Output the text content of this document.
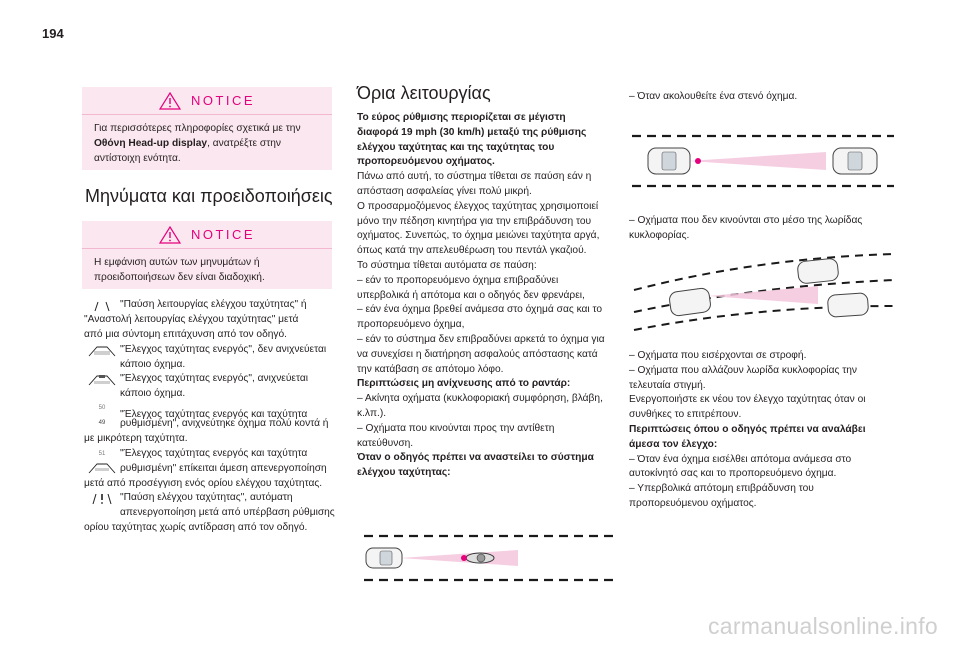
194
NOTICE
Για περισσότερες πληροφορίες σχετικά με την
Οθόνη Head-up display, ανατρέξτε στην
αντίστοιχη ενότητα.
Μηνύματα και προειδοποιήσεις
NOTICE
Η εμφάνιση αυτών των μηνυμάτων ή
προειδοποιήσεων δεν είναι διαδοχική.
"Παύση λειτουργίας ελέγχου ταχύτητας" ή

"Αναστολή λειτουργίας ελέγχου ταχύτητας" μετά

από μια σύντομη επιτάχυνση από τον οδηγό.

"Έλεγχος ταχύτητας ενεργός", δεν ανιχνεύεται

κάποιο όχημα.

"Έλεγχος ταχύτητας ενεργός", ανιχνεύεται

κάποιο όχημα.

50
49
"Έλεγχος ταχύτητας ενεργός και ταχύτητα

ρυθμισμένη", ανιχνεύτηκε όχημα πολύ κοντά ή

με μικρότερη ταχύτητα.

51 "Έλεγχος ταχύτητας ενεργός και ταχύτητα

ρυθμισμένη" επίκειται άμεση απενεργοποίηση

μετά από προσέγγιση ενός ορίου ελέγχου ταχύτητας.

"Παύση ελέγχου ταχύτητας", αυτόματη

απενεργοποίηση μετά από υπέρβαση ρύθμισης

ορίου ταχύτητας χωρίς αντίδραση από τον οδηγό.

Όρια λειτουργίας

Το εύρος ρύθμισης περιορίζεται σε μέγιστη

διαφορά 19 mph (30 km/h) μεταξύ της ρύθμισης

ελέγχου ταχύτητας και της ταχύτητας του

προπορευόμενου οχήματος.

Πάνω από αυτή, το σύστημα τίθεται σε παύση εάν η

απόσταση ασφαλείας γίνει πολύ μικρή.

Ο προσαρμοζόμενος έλεγχος ταχύτητας χρησιμοποιεί

μόνο την πέδηση κινητήρα για την επιβράδυνση του

οχήματος. Συνεπώς, το όχημα μειώνει ταχύτητα αργά,

όπως κατά την απελευθέρωση του πεντάλ γκαζιού.

Το σύστημα τίθεται αυτόματα σε παύση:

– εάν το προπορευόμενο όχημα επιβραδύνει

υπερβολικά ή απότομα και ο οδηγός δεν φρενάρει,

– εάν ένα όχημα βρεθεί ανάμεσα στο όχημά σας και το

προπορευόμενο όχημα,

– εάν το σύστημα δεν επιβραδύνει αρκετά το όχημα για

να συνεχίσει η διατήρηση ασφαλούς απόστασης κατά

την κατάβαση σε απότομο λόφο.

Περιπτώσεις μη ανίχνευσης από το ραντάρ:

– Ακίνητα οχήματα (κυκλοφοριακή συμφόρηση, βλάβη,

κ.λπ.).

– Οχήματα που κινούνται προς την αντίθετη

κατεύθυνση.

Όταν ο οδηγός πρέπει να αναστείλει το σύστημα

ελέγχου ταχύτητας:

– Όταν ακολουθείτε ένα στενό όχημα.

– Οχήματα που δεν κινούνται στο μέσο της λωρίδας

κυκλοφορίας.

– Οχήματα που εισέρχονται σε στροφή.

– Οχήματα που αλλάζουν λωρίδα κυκλοφορίας την

τελευταία στιγμή.

Ενεργοποιήστε εκ νέου τον έλεγχο ταχύτητας όταν οι

συνθήκες το επιτρέπουν.

Περιπτώσεις όπου ο οδηγός πρέπει να αναλάβει

άμεσα τον έλεγχο:

– Όταν ένα όχημα εισέλθει απότομα ανάμεσα στο

αυτοκίνητό σας και το προπορευόμενο όχημα.

– Υπερβολικά απότομη επιβράδυνση του

προπορευόμενου οχήματος.

carmanualsonline.info
